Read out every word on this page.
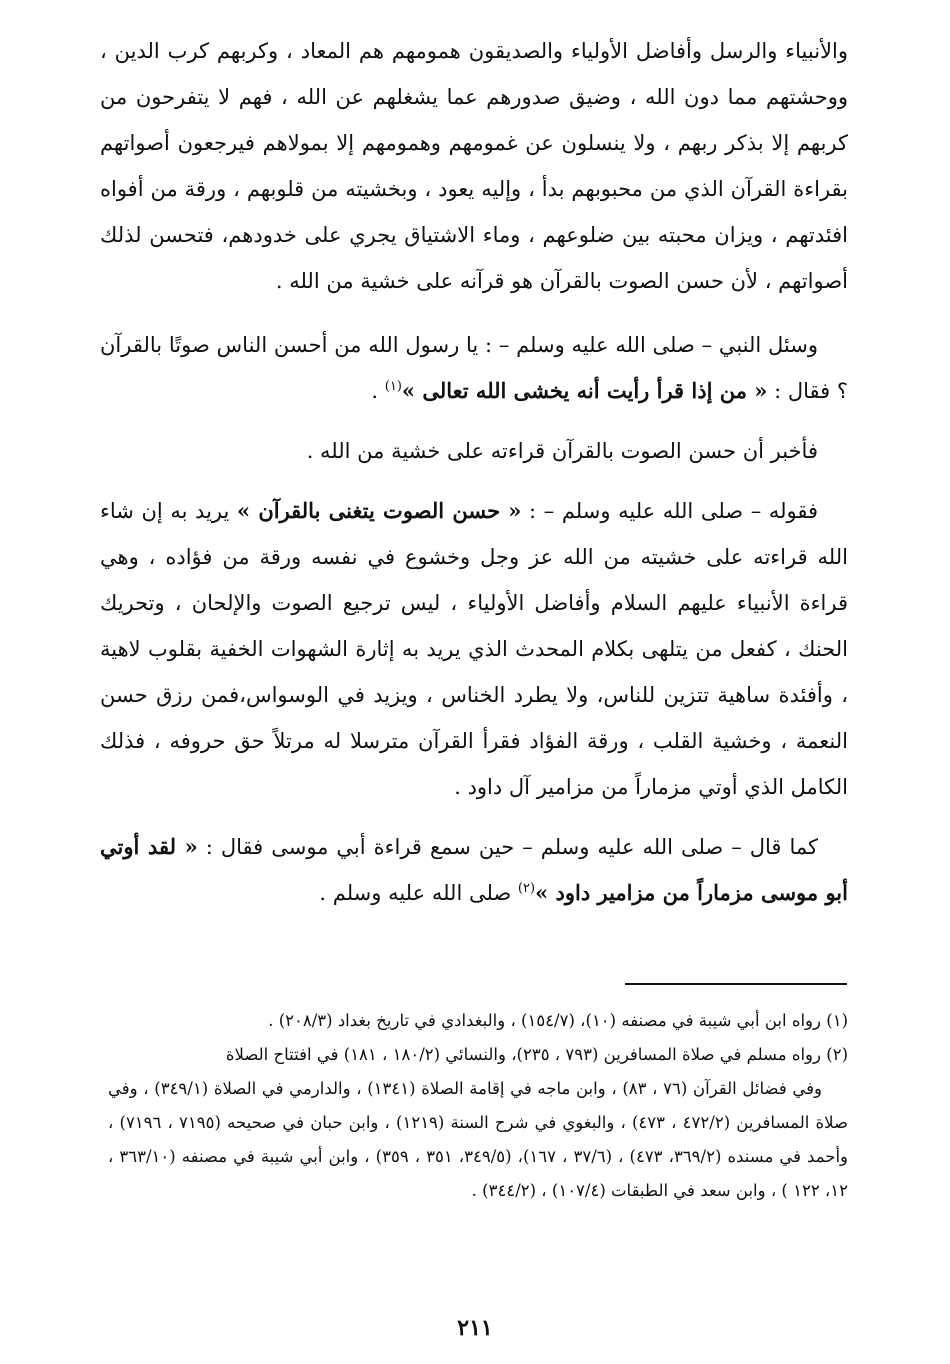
والأنبياء والرسل وأفاضل الأولياء والصديقون همومهم هم المعاد ، وكربهم كرب الدين ، ووحشتهم مما دون الله ، وضيق صدورهم عما يشغلهم عن الله ، فهم لا يتفرحون من كربهم إلا بذكر ربهم ، ولا ينسلون عن غمومهم وهمومهم إلا بمولاهم فيرجعون أصواتهم بقراءة القرآن الذي من محبوبهم بدأ ، وإليه يعود ، وبخشيته من قلوبهم ، ورقة من أفواه افئدتهم ، ويزان محبته بين ضلوعهم ، وماء الاشتياق يجري على خدودهم، فتحسن لذلك أصواتهم ، لأن حسن الصوت بالقرآن هو قرآنه على خشية من الله .

وسئل النبي – صلى الله عليه وسلم – : يا رسول الله من أحسن الناس صوتًا بالقرآن ؟ فقال : « من إذا قرأ رأيت أنه يخشى الله تعالى »$^{(١)}$ .

فأخبر أن حسن الصوت بالقرآن قراءته على خشية من الله .

فقوله – صلى الله عليه وسلم – : « حسن الصوت يتغنى بالقرآن » يريد به إن شاء الله قراءته على خشيته من الله عز وجل وخشوع في نفسه ورقة من فؤاده ، وهي قراءة الأنبياء عليهم السلام وأفاضل الأولياء ، ليس ترجيع الصوت والإلحان ، وتحريك الحنك ، كفعل من يتلهى بكلام المحدث الذي يريد به إثارة الشهوات الخفية بقلوب لاهية ، وأفئدة ساهية تتزين للناس، ولا يطرد الخناس ، ويزيد في الوسواس،فمن رزق حسن النعمة ، وخشية القلب ، ورقة الفؤاد فقرأ القرآن مترسلا له مرتلاً حق حروفه ، فذلك الكامل الذي أوتي مزماراً من مزامير آل داود .

كما قال – صلى الله عليه وسلم – حين سمع قراءة أبي موسى فقال : « لقد أوتي أبو موسى مزماراً من مزامير داود »$^{(٢)}$ صلى الله عليه وسلم .

(١) رواه ابن أبي شيبة في مصنفه (١٠)، (١٥٤/٧) ، والبغدادي في تاريخ بغداد (٢٠٨/٣) .

(٢) رواه مسلم في صلاة المسافرين (٧٩٣ ، ٢٣٥)، والنسائي (١٨٠/٢ ، ١٨١) في افتتاح الصلاة
وفي فضائل القرآن (٧٦ ، ٨٣) ، وابن ماجه في إقامة الصلاة (١٣٤١) ، والدارمي في الصلاة (٣٤٩/١) ، وفي صلاة المسافرين (٤٧٢/٢ ، ٤٧٣) ، والبغوي في شرح السنة (١٢١٩) ، وابن حبان في صحيحه (٧١٩٥ ، ٧١٩٦) ، وأحمد في مسنده (٣٦٩/٢، ٤٧٣) ، (٣٧/٦ ، ١٦٧)، (٣٤٩/٥، ٣٥١ ، ٣٥٩) ، وابن أبي شيبة في مصنفه (٣٦٣/١٠ ، ١٢، ١٢٢ ) ، وابن سعد في الطبقات (١٠٧/٤) ، (٣٤٤/٢) .

٢١١
